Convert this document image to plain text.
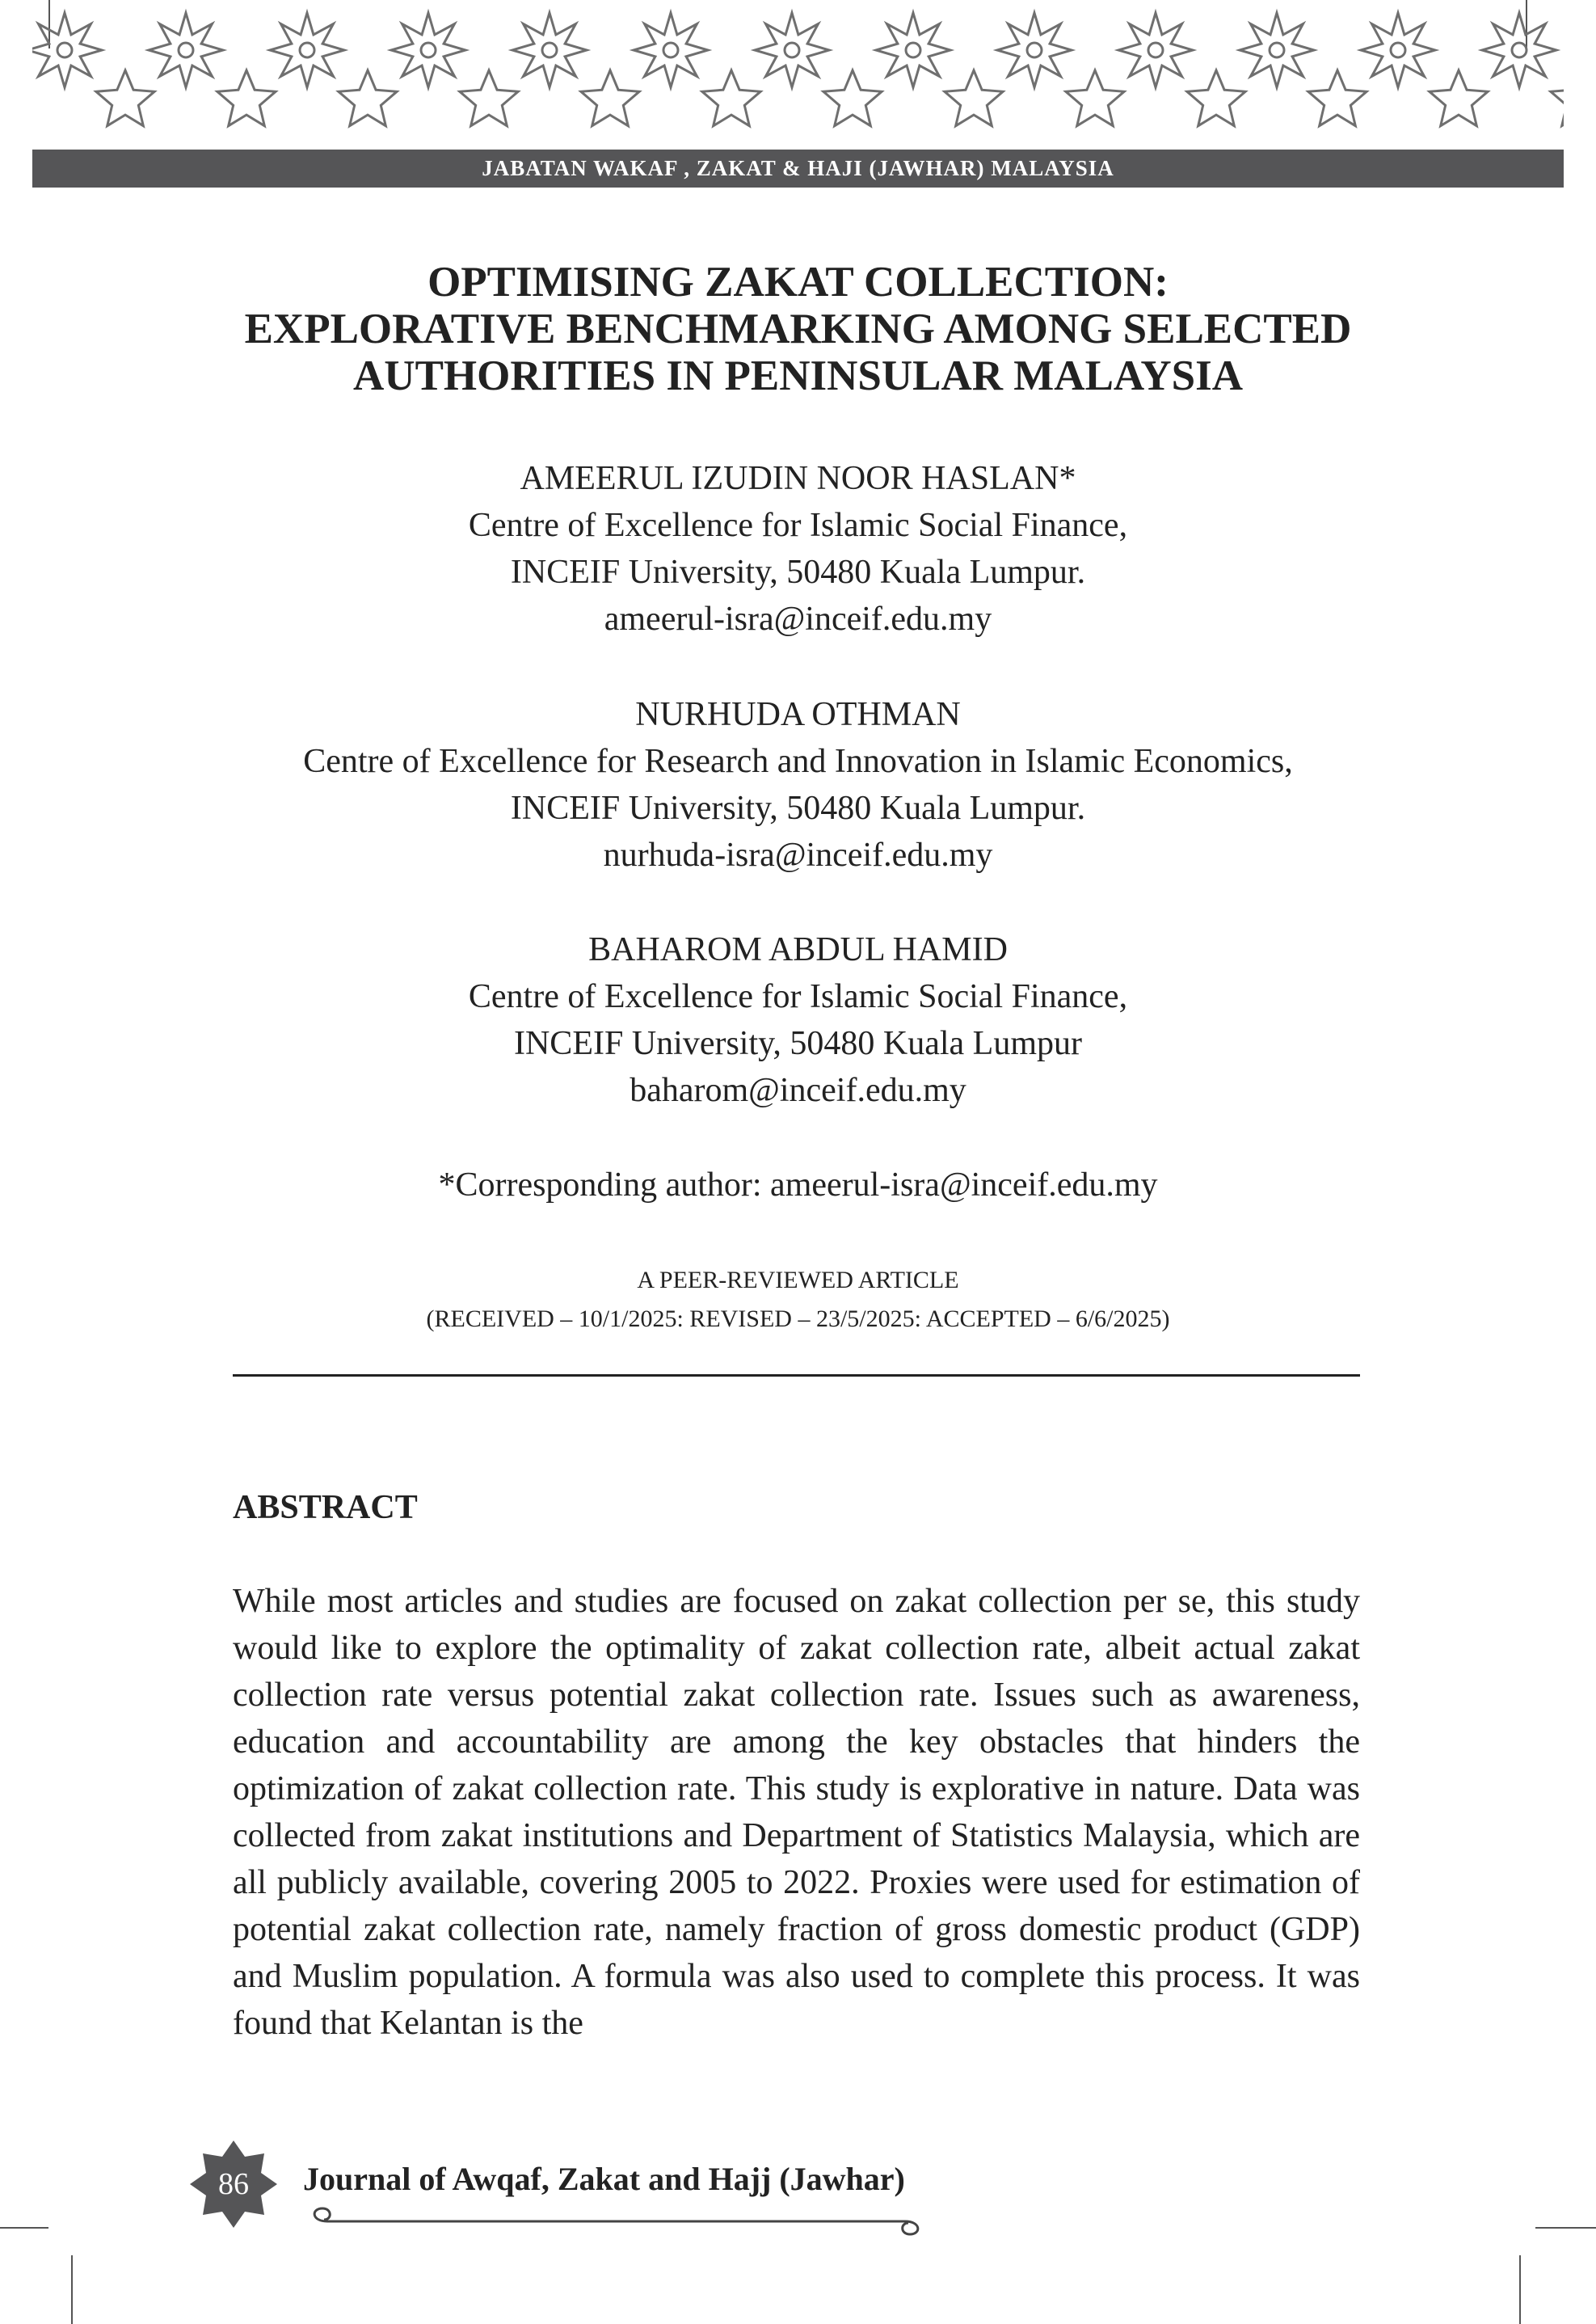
JABATAN WAKAF , ZAKAT & HAJI (JAWHAR) MALAYSIA
OPTIMISING ZAKAT COLLECTION:
EXPLORATIVE BENCHMARKING AMONG SELECTED
AUTHORITIES IN PENINSULAR MALAYSIA
AMEERUL IZUDIN NOOR HASLAN*
Centre of Excellence for Islamic Social Finance,
INCEIF University, 50480 Kuala Lumpur.
ameerul-isra@inceif.edu.my
NURHUDA OTHMAN
Centre of Excellence for Research and Innovation in Islamic Economics,
INCEIF University, 50480 Kuala Lumpur.
nurhuda-isra@inceif.edu.my
BAHAROM ABDUL HAMID
Centre of Excellence for Islamic Social Finance,
INCEIF University, 50480 Kuala Lumpur
baharom@inceif.edu.my
*Corresponding author: ameerul-isra@inceif.edu.my
A PEER-REVIEWED ARTICLE
(RECEIVED – 10/1/2025: REVISED – 23/5/2025: ACCEPTED – 6/6/2025)
ABSTRACT

While most articles and studies are focused on zakat collection per se, this study would like to explore the optimality of zakat collection rate, albeit actual zakat collection rate versus potential zakat collection rate. Issues such as awareness, education and accountability are among the key obstacles that hinders the optimization of zakat collection rate. This study is explorative in nature. Data was collected from zakat institutions and Department of Statistics Malaysia, which are all publicly available, covering 2005 to 2022. Proxies were used for estimation of potential zakat collection rate, namely fraction of gross domestic product (GDP) and Muslim population. A formula was also used to complete this process. It was found that Kelantan is the

86	Journal of Awqaf, Zakat and Hajj (Jawhar)
